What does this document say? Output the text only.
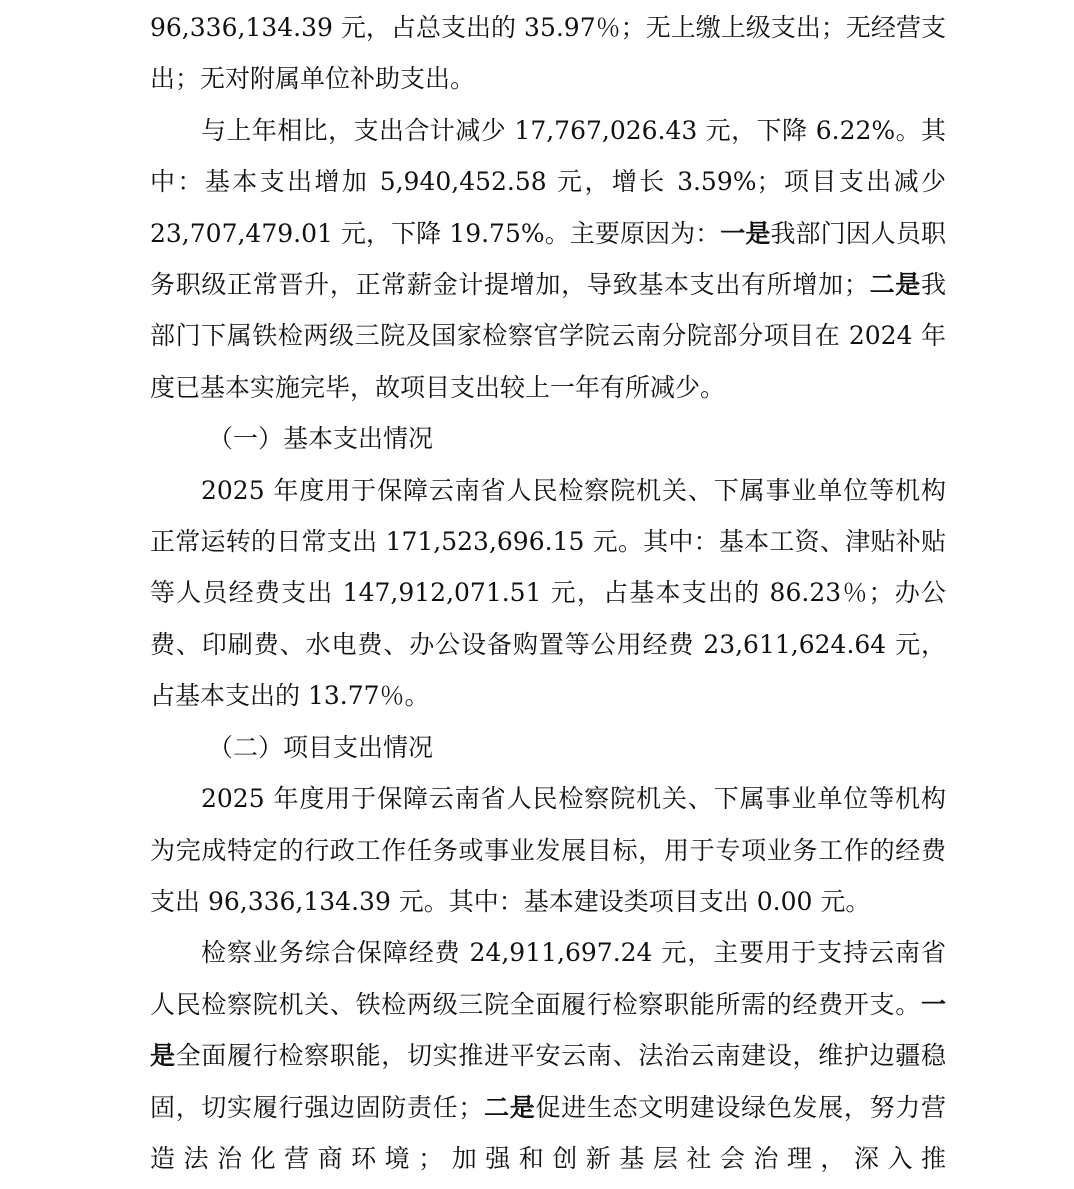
96,336,134.39 元，占总支出的 35.97％；无上缴上级支出；无经营支出；无对附属单位补助支出。

与上年相比，支出合计减少 17,767,026.43 元，下降 6.22%。其中：基本支出增加 5,940,452.58 元，增长 3.59%；项目支出减少 23,707,479.01 元，下降 19.75%。主要原因为：一是我部门因人员职务职级正常晋升，正常薪金计提增加，导致基本支出有所增加；二是我部门下属铁检两级三院及国家检察官学院云南分院部分项目在 2024 年度已基本实施完毕，故项目支出较上一年有所减少。

（一）基本支出情况

2025 年度用于保障云南省人民检察院机关、下属事业单位等机构正常运转的日常支出 171,523,696.15 元。其中：基本工资、津贴补贴等人员经费支出 147,912,071.51 元，占基本支出的 86.23％；办公费、印刷费、水电费、办公设备购置等公用经费 23,611,624.64 元，占基本支出的 13.77％。

（二）项目支出情况

2025 年度用于保障云南省人民检察院机关、下属事业单位等机构为完成特定的行政工作任务或事业发展目标，用于专项业务工作的经费支出 96,336,134.39 元。其中：基本建设类项目支出 0.00 元。

检察业务综合保障经费 24,911,697.24 元，主要用于支持云南省人民检察院机关、铁检两级三院全面履行检察职能所需的经费开支。一是全面履行检察职能，切实推进平安云南、法治云南建设，维护边疆稳固，切实履行强边固防责任；二是促进生态文明建设绿色发展，努力营造法治化营商环境；加强和创新基层社会治理，深入推
